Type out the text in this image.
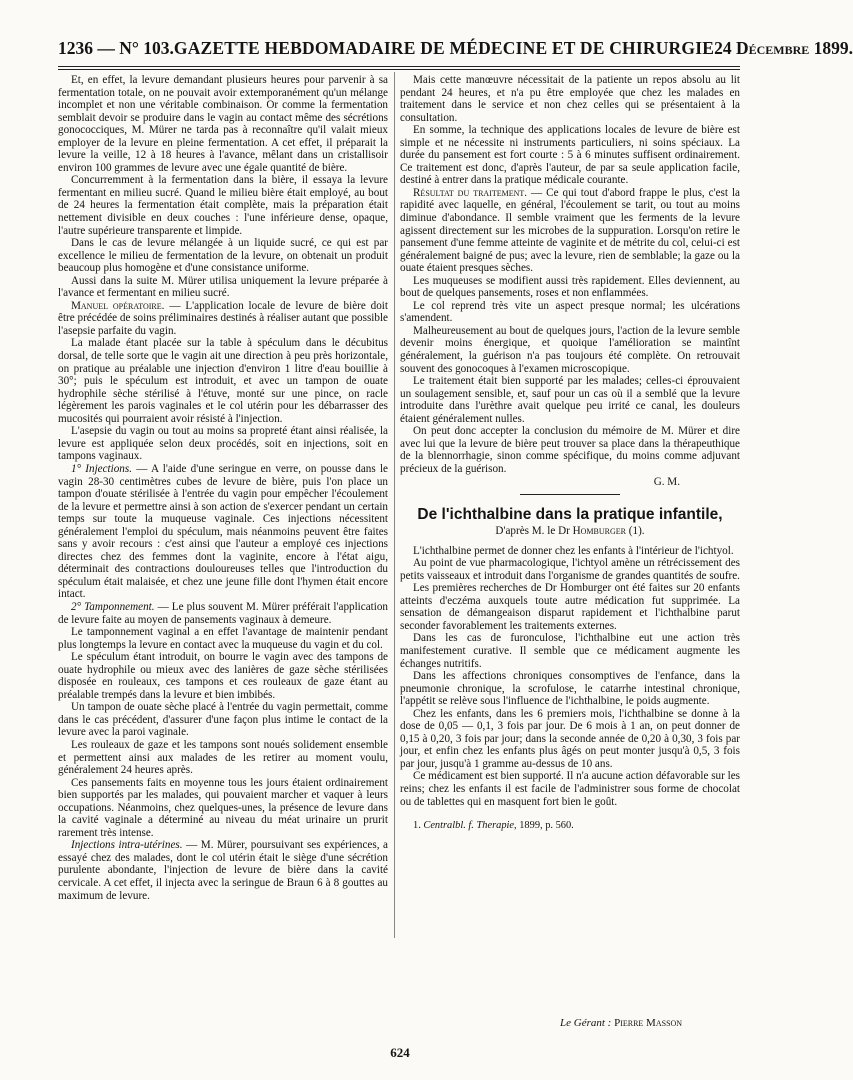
1236 — N° 103. GAZETTE HEBDOMADAIRE DE MÉDECINE ET DE CHIRURGIE 24 Décembre 1899.

Et, en effet, la levure demandant plusieurs heures pour parvenir à sa fermentation totale, on ne pouvait avoir extemporanément qu'un mélange incomplet et non une véritable combinaison. Or comme la fermentation semblait devoir se produire dans le vagin au contact même des sécrétions gonococciques, M. Mürer ne tarda pas à reconnaître qu'il valait mieux employer de la levure en pleine fermentation. A cet effet, il préparait la levure la veille, 12 à 18 heures à l'avance, mêlant dans un cristallisoir environ 100 grammes de levure avec une égale quantité de bière.

Concurremment à la fermentation dans la bière, il essaya la levure fermentant en milieu sucré. Quand le milieu bière était employé, au bout de 24 heures la fermentation était complète, mais la préparation était nettement divisible en deux couches : l'une inférieure dense, opaque, l'autre supérieure transparente et limpide.

Dans le cas de levure mélangée à un liquide sucré, ce qui est par excellence le milieu de fermentation de la levure, on obtenait un produit beaucoup plus homogène et d'une consistance uniforme.

Aussi dans la suite M. Mürer utilisa uniquement la levure préparée à l'avance et fermentant en milieu sucré.

Manuel opératoire. — L'application locale de levure de bière doit être précédée de soins préliminaires destinés à réaliser autant que possible l'asepsie parfaite du vagin.

La malade étant placée sur la table à spéculum dans le décubitus dorsal, de telle sorte que le vagin ait une direction à peu près horizontale, on pratique au préalable une injection d'environ 1 litre d'eau bouillie à 30°; puis le spéculum est introduit, et avec un tampon de ouate hydrophile sèche stérilisé à l'étuve, monté sur une pince, on racle légèrement les parois vaginales et le col utérin pour les débarrasser des mucosités qui pourraient avoir résisté à l'injection.

L'asepsie du vagin ou tout au moins sa propreté étant ainsi réalisée, la levure est appliquée selon deux procédés, soit en injections, soit en tampons vaginaux.

1° Injections. — A l'aide d'une seringue en verre, on pousse dans le vagin 28-30 centimètres cubes de levure de bière, puis l'on place un tampon d'ouate stérilisée à l'entrée du vagin pour empêcher l'écoulement de la levure et permettre ainsi à son action de s'exercer pendant un certain temps sur toute la muqueuse vaginale. Ces injections nécessitent généralement l'emploi du spéculum, mais néanmoins peuvent être faites sans y avoir recours : c'est ainsi que l'auteur a employé ces injections directes chez des femmes dont la vaginite, encore à l'état aigu, déterminait des contractions douloureuses telles que l'introduction du spéculum était malaisée, et chez une jeune fille dont l'hymen était encore intact.

2° Tamponnement. — Le plus souvent M. Mürer préférait l'application de levure faite au moyen de pansements vaginaux à demeure.

Le tamponnement vaginal a en effet l'avantage de maintenir pendant plus longtemps la levure en contact avec la muqueuse du vagin et du col.

Le spéculum étant introduit, on bourre le vagin avec des tampons de ouate hydrophile ou mieux avec des lanières de gaze sèche stérilisées disposée en rouleaux, ces tampons et ces rouleaux de gaze étant au préalable trempés dans la levure et bien imbibés.

Un tampon de ouate sèche placé à l'entrée du vagin permettait, comme dans le cas précédent, d'assurer d'une façon plus intime le contact de la levure avec la paroi vaginale.

Les rouleaux de gaze et les tampons sont noués solidement ensemble et permettent ainsi aux malades de les retirer au moment voulu, généralement 24 heures après.

Ces pansements faits en moyenne tous les jours étaient ordinairement bien supportés par les malades, qui pouvaient marcher et vaquer à leurs occupations. Néanmoins, chez quelques-unes, la présence de levure dans la cavité vaginale a déterminé au niveau du méat urinaire un prurit rarement très intense.

Injections intra-utérines. — M. Mürer, poursuivant ses expériences, a essayé chez des malades, dont le col utérin était le siège d'une sécrétion purulente abondante, l'injection de levure de bière dans la cavité cervicale. A cet effet, il injecta avec la seringue de Braun 6 à 8 gouttes au maximum de levure.

Mais cette manœuvre nécessitait de la patiente un repos absolu au lit pendant 24 heures, et n'a pu être employée que chez les malades en traitement dans le service et non chez celles qui se présentaient à la consultation.

En somme, la technique des applications locales de levure de bière est simple et ne nécessite ni instruments particuliers, ni soins spéciaux. La durée du pansement est fort courte : 5 à 6 minutes suffisent ordinairement. Ce traitement est donc, d'après l'auteur, de par sa seule application facile, destiné à entrer dans la pratique médicale courante.

Résultat du traitement. — Ce qui tout d'abord frappe le plus, c'est la rapidité avec laquelle, en général, l'écoulement se tarit, ou tout au moins diminue d'abondance. Il semble vraiment que les ferments de la levure agissent directement sur les microbes de la suppuration. Lorsqu'on retire le pansement d'une femme atteinte de vaginite et de métrite du col, celui-ci est généralement baigné de pus; avec la levure, rien de semblable; la gaze ou la ouate étaient presques sèches.

Les muqueuses se modifient aussi très rapidement. Elles deviennent, au bout de quelques pansements, roses et non enflammées.

Le col reprend très vite un aspect presque normal; les ulcérations s'amendent.

Malheureusement au bout de quelques jours, l'action de la levure semble devenir moins énergique, et quoique l'amélioration se maintînt généralement, la guérison n'a pas toujours été complète. On retrouvait souvent des gonocoques à l'examen microscopique.

Le traitement était bien supporté par les malades; celles-ci éprouvaient un soulagement sensible, et, sauf pour un cas où il a semblé que la levure introduite dans l'urèthre avait quelque peu irrité ce canal, les douleurs étaient généralement nulles.

On peut donc accepter la conclusion du mémoire de M. Mürer et dire avec lui que la levure de bière peut trouver sa place dans la thérapeuthique de la blennorrhagie, sinon comme spécifique, du moins comme adjuvant précieux de la guérison.

G. M.

De l'ichthalbine dans la pratique infantile,

D'après M. le Dr Homburger (1).

L'ichthalbine permet de donner chez les enfants à l'intérieur de l'ichtyol.

Au point de vue pharmacologique, l'ichtyol amène un rétrécissement des petits vaisseaux et introduit dans l'organisme de grandes quantités de soufre.

Les premières recherches de Dr Homburger ont été faites sur 20 enfants atteints d'eczéma auxquels toute autre médication fut supprimée. La sensation de démangeaison disparut rapidement et l'ichthalbine parut seconder favorablement les traitements externes.

Dans les cas de furonculose, l'ichthalbine eut une action très manifestement curative. Il semble que ce médicament augmente les échanges nutritifs.

Dans les affections chroniques consomptives de l'enfance, dans la pneumonie chronique, la scrofulose, le catarrhe intestinal chronique, l'appétit se relève sous l'influence de l'ichthalbine, le poids augmente.

Chez les enfants, dans les 6 premiers mois, l'ichthalbine se donne à la dose de 0,05 — 0,1, 3 fois par jour. De 6 mois à 1 an, on peut donner de 0,15 à 0,20, 3 fois par jour; dans la seconde année de 0,20 à 0,30, 3 fois par jour, et enfin chez les enfants plus âgés on peut monter jusqu'à 0,5, 3 fois par jour, jusqu'à 1 gramme au-dessus de 10 ans.

Ce médicament est bien supporté. Il n'a aucune action défavorable sur les reins; chez les enfants il est facile de l'administrer sous forme de chocolat ou de tablettes qui en masquent fort bien le goût.

1. Centralbl. f. Therapie, 1899, p. 560.

Le Gérant : Pierre Masson
624
